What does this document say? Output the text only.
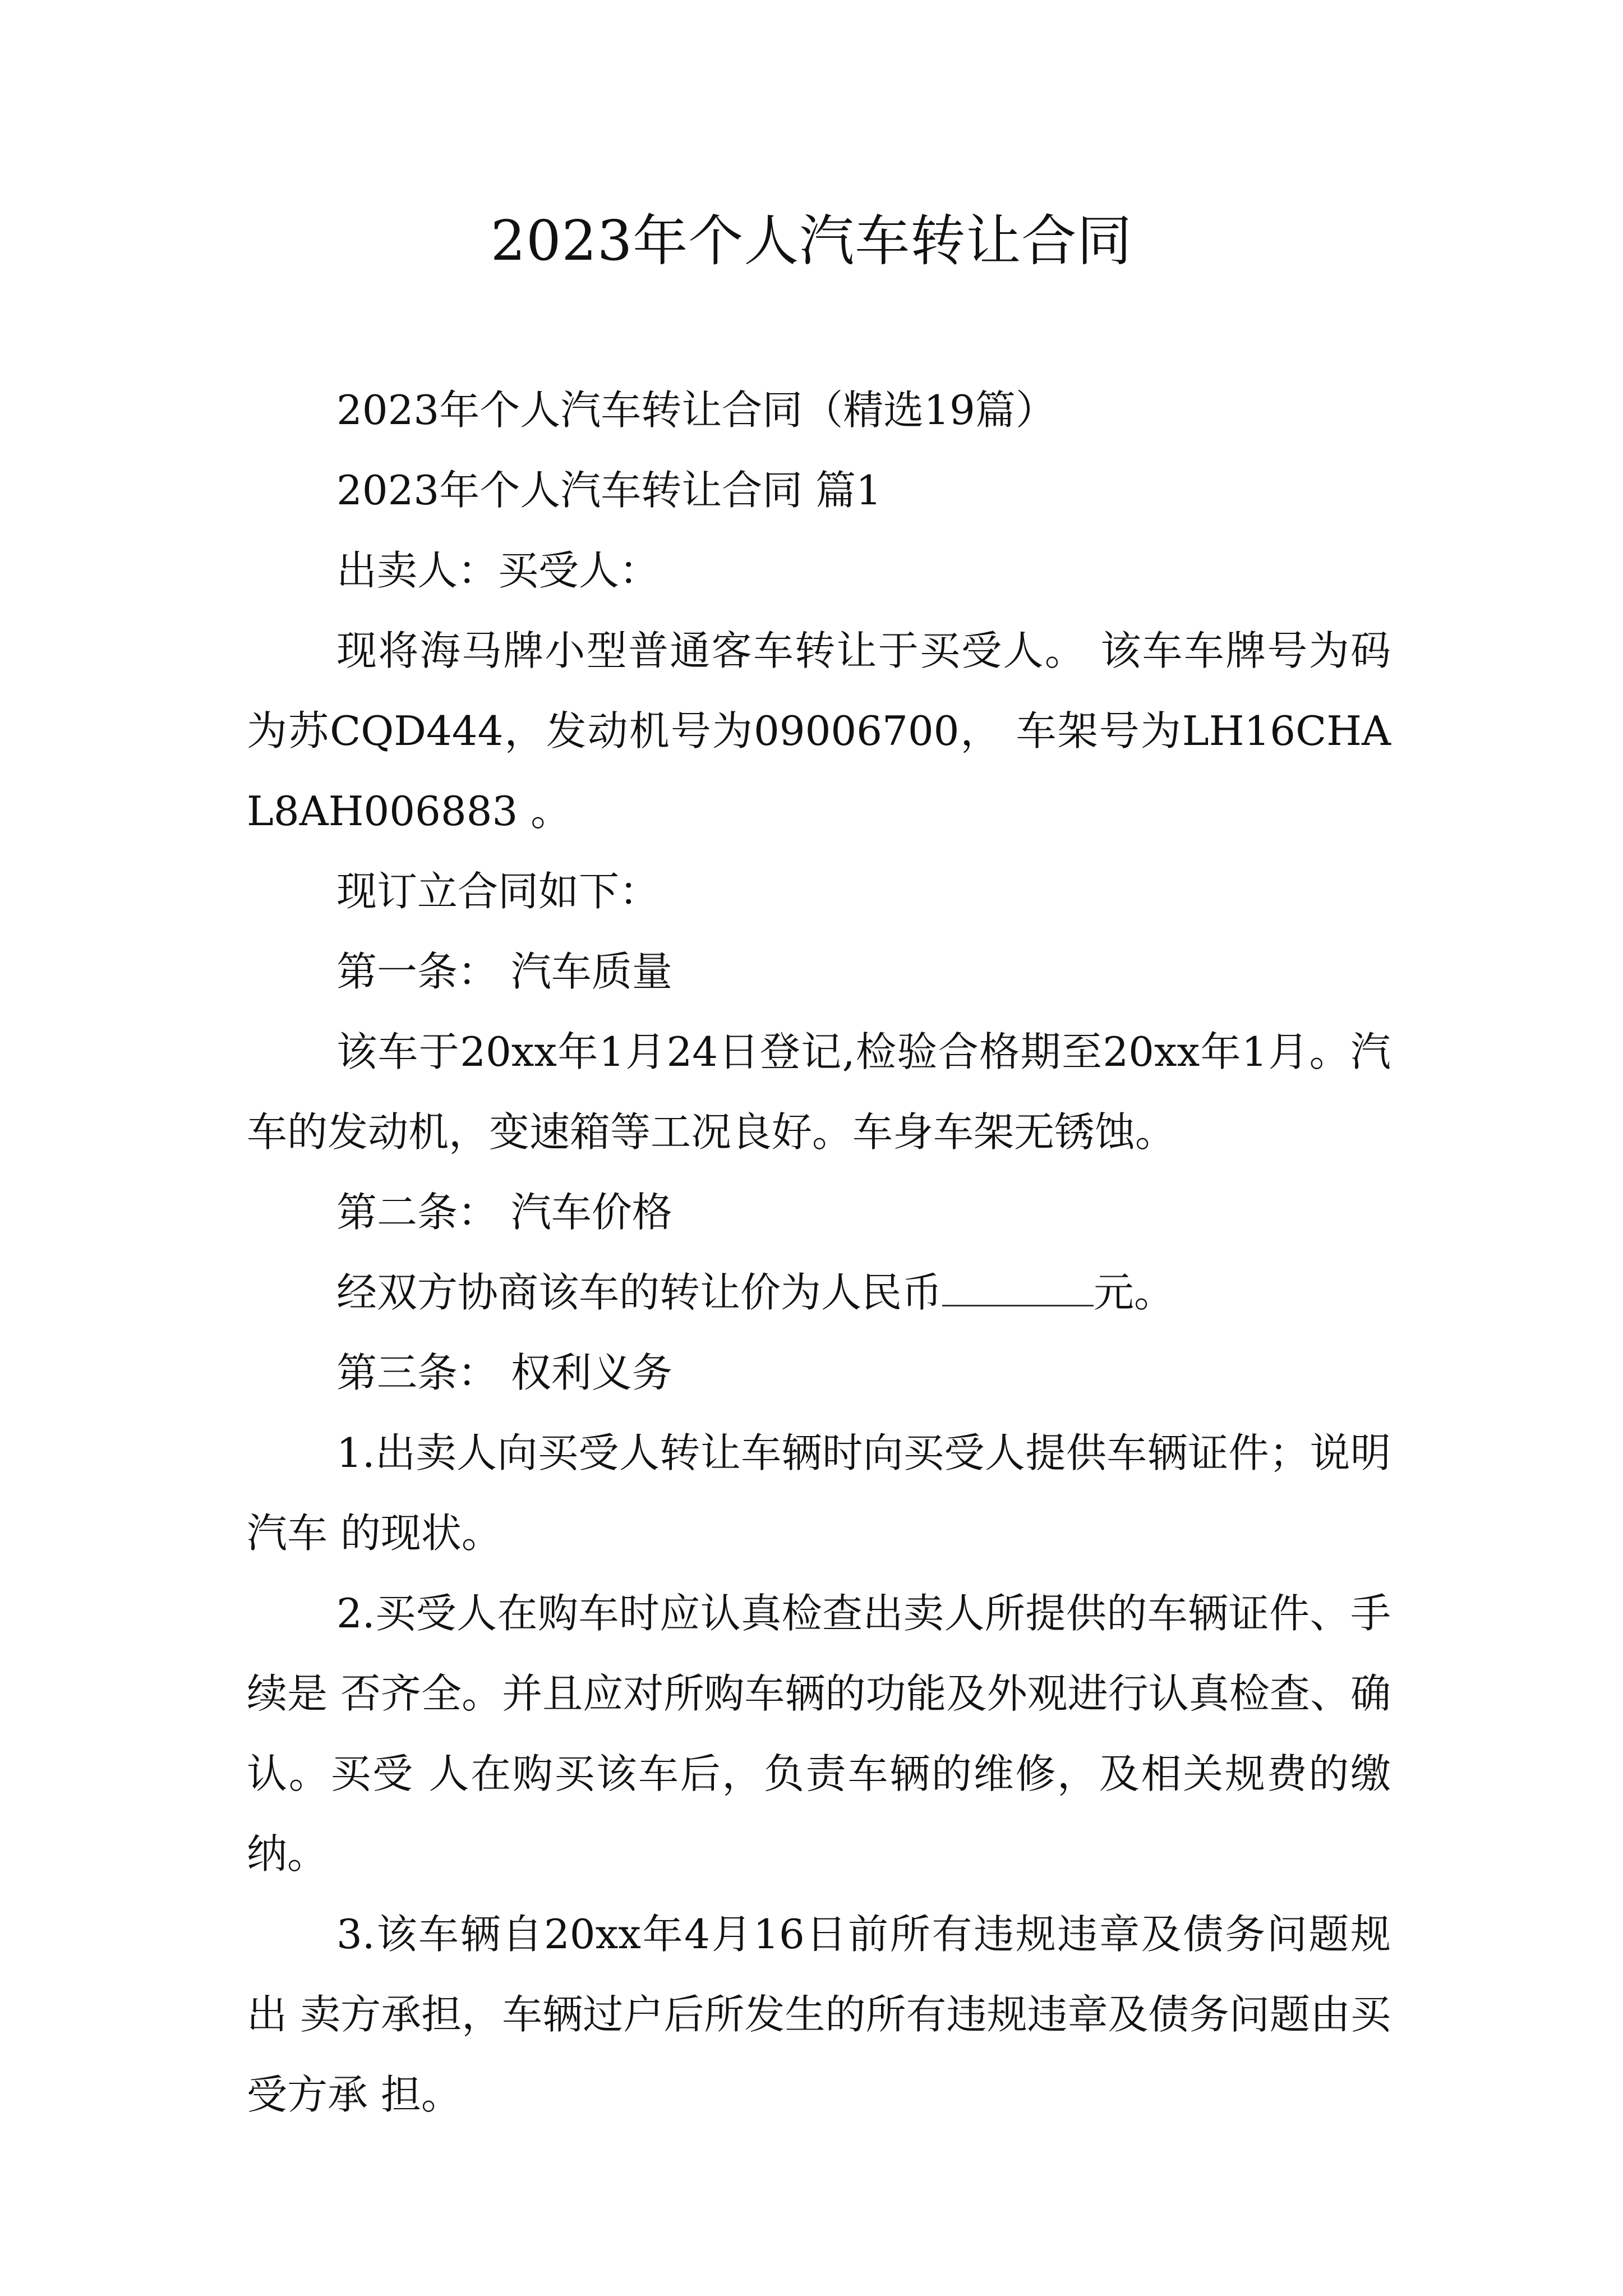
2023年个人汽车转让合同

2023年个人汽车转让合同（精选19篇）

2023年个人汽车转让合同 篇1

出卖人：买受人：

现将海马牌小型普通客车转让于买受人。 该车车牌号为码为苏CQD444，发动机号为09006700， 车架号为LH16CHAL8AH006883 。

现订立合同如下：

第一条： 汽车质量

该车于20xx年1月24日登记,检验合格期至20xx年1月。汽车的发动机，变速箱等工况良好。车身车架无锈蚀。

第二条： 汽车价格

经双方协商该车的转让价为人民币	元。

第三条： 权利义务

1.出卖人向买受人转让车辆时向买受人提供车辆证件；说明汽车 的现状。

2.买受人在购车时应认真检查出卖人所提供的车辆证件、手续是 否齐全。并且应对所购车辆的功能及外观进行认真检查、确认。买受 人在购买该车后，负责车辆的维修，及相关规费的缴纳。

3.该车辆自20xx年4月16日前所有违规违章及债务问题规出 卖方承担，车辆过户后所发生的所有违规违章及债务问题由买受方承 担。
